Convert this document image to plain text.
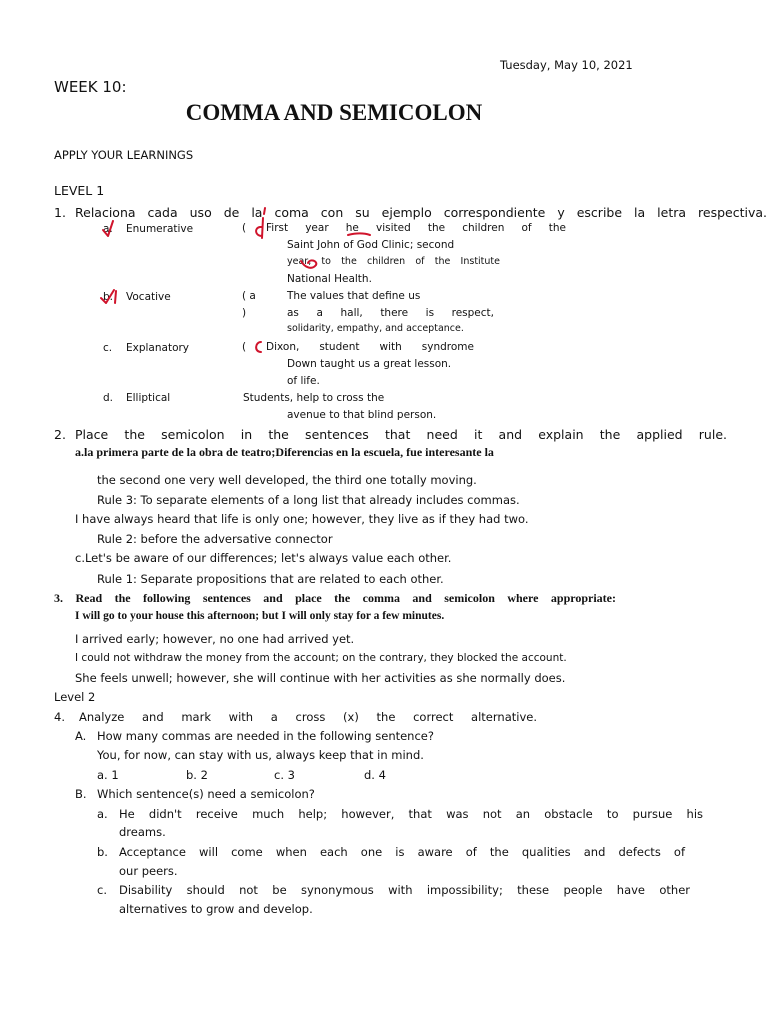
Tuesday, May 10, 2021
WEEK 10:
COMMA AND SEMICOLON
APPLY YOUR LEARNINGS
LEVEL 1
1. Relaciona cada uso de la coma con su ejemplo correspondiente y escribe la letra respectiva.
a. Enumerative	( First year he visited the children of the
Saint John of God Clinic; second
year, to the children of the Institute
National Health.
b. Vocative	( a
)
The values that define us
as a hall, there is respect,
solidarity, empathy, and acceptance.
c. Explanatory	( Dixon, student with syndrome
Down taught us a great lesson.
of life.
d. Elliptical	Students, help to cross the
avenue to that blind person.
2. Place the semicolon in the sentences that need it and explain the applied rule.
a.la primera parte de la obra de teatro;Diferencias en la escuela, fue interesante la
the second one very well developed, the third one totally moving.
Rule 3: To separate elements of a long list that already includes commas.
I have always heard that life is only one; however, they live as if they had two.
Rule 2: before the adversative connector
c.Let's be aware of our differences; let's always value each other.
Rule 1: Separate propositions that are related to each other.
3. Read the following sentences and place the comma and semicolon where appropriate:
I will go to your house this afternoon; but I will only stay for a few minutes.
I arrived early; however, no one had arrived yet.
I could not withdraw the money from the account; on the contrary, they blocked the account.
She feels unwell; however, she will continue with her activities as she normally does.
Level 2
4. Analyze and mark with a cross (x) the correct alternative.
A. How many commas are needed in the following sentence?
You, for now, can stay with us, always keep that in mind.
a. 1	b. 2	c. 3	d. 4
B. Which sentence(s) need a semicolon?
a. He didn't receive much help; however, that was not an obstacle to pursue his
dreams.
b. Acceptance will come when each one is aware of the qualities and defects of
our peers.
c. Disability should not be synonymous with impossibility; these people have other
alternatives to grow and develop.
